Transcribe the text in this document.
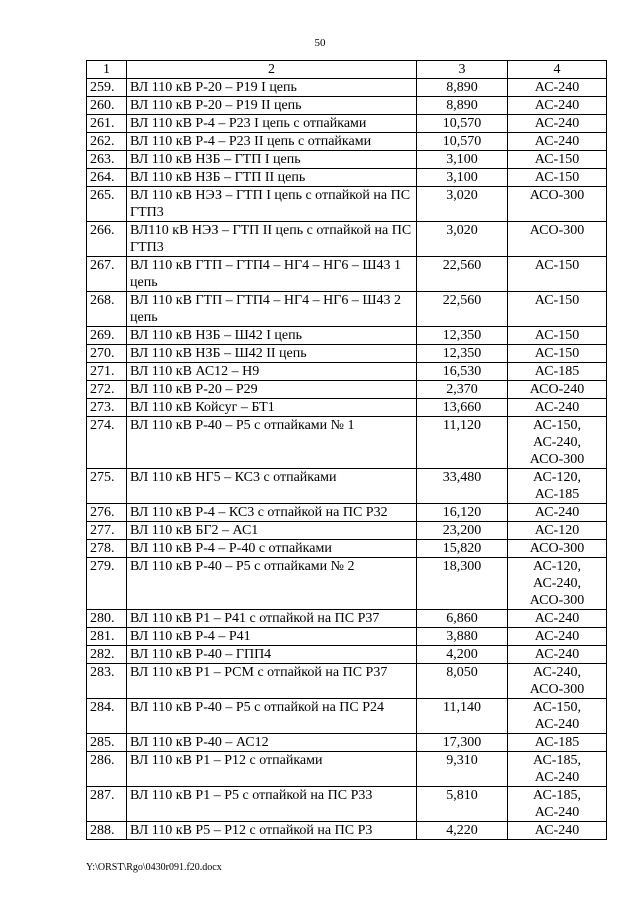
50
1	2	3	4
259.	ВЛ 110 кВ Р-20 – Р19 I цепь	8,890	АС-240
260.	ВЛ 110 кВ Р-20 – Р19 II цепь	8,890	АС-240
261.	ВЛ 110 кВ Р-4 – Р23 I цепь с отпайками	10,570	АС-240
262.	ВЛ 110 кВ Р-4 – Р23 II цепь с отпайками	10,570	АС-240
263.	ВЛ 110 кВ НЗБ – ГТП I цепь	3,100	АС-150
264.	ВЛ 110 кВ НЗБ – ГТП II цепь	3,100	АС-150
265.	ВЛ 110 кВ НЭЗ – ГТП I цепь с отпайкой на ПС ГТП3	3,020	АСО-300
266.	ВЛ110 кВ НЭЗ – ГТП II цепь с отпайкой на ПС ГТП3	3,020	АСО-300
267.	ВЛ 110 кВ ГТП – ГТП4 – НГ4 – НГ6 – Ш43 1 цепь	22,560	АС-150
268.	ВЛ 110 кВ ГТП – ГТП4 – НГ4 – НГ6 – Ш43 2 цепь	22,560	АС-150
269.	ВЛ 110 кВ НЗБ – Ш42 I цепь	12,350	АС-150
270.	ВЛ 110 кВ НЗБ – Ш42 II цепь	12,350	АС-150
271.	ВЛ 110 кВ АС12 – Н9	16,530	АС-185
272.	ВЛ 110 кВ Р-20 – Р29	2,370	АСО-240
273.	ВЛ 110 кВ Койсуг – БТ1	13,660	АС-240
274.	ВЛ 110 кВ Р-40 – Р5 с отпайками № 1	11,120	АС-150, АС-240, АСО-300
275.	ВЛ 110 кВ НГ5 – КС3 с отпайками	33,480	АС-120, АС-185
276.	ВЛ 110 кВ Р-4 – КС3 с отпайкой на ПС Р32	16,120	АС-240
277.	ВЛ 110 кВ БГ2 – АС1	23,200	АС-120
278.	ВЛ 110 кВ Р-4 – Р-40 с отпайками	15,820	АСО-300
279.	ВЛ 110 кВ Р-40 – Р5 с отпайками № 2	18,300	АС-120, АС-240, АСО-300
280.	ВЛ 110 кВ Р1 – Р41 с отпайкой на ПС Р37	6,860	АС-240
281.	ВЛ 110 кВ Р-4 – Р41	3,880	АС-240
282.	ВЛ 110 кВ Р-40 – ГПП4	4,200	АС-240
283.	ВЛ 110 кВ Р1 – РСМ с отпайкой на ПС Р37	8,050	АС-240, АСО-300
284.	ВЛ 110 кВ Р-40 – Р5 с отпайкой на ПС Р24	11,140	АС-150, АС-240
285.	ВЛ 110 кВ Р-40 – АС12	17,300	АС-185
286.	ВЛ 110 кВ Р1 – Р12 с отпайками	9,310	АС-185, АС-240
287.	ВЛ 110 кВ Р1 – Р5 с отпайкой на ПС Р33	5,810	АС-185, АС-240
288.	ВЛ 110 кВ Р5 – Р12 с отпайкой на ПС Р3	4,220	АС-240
Y:\ORST\Rgo\0430r091.f20.docx
